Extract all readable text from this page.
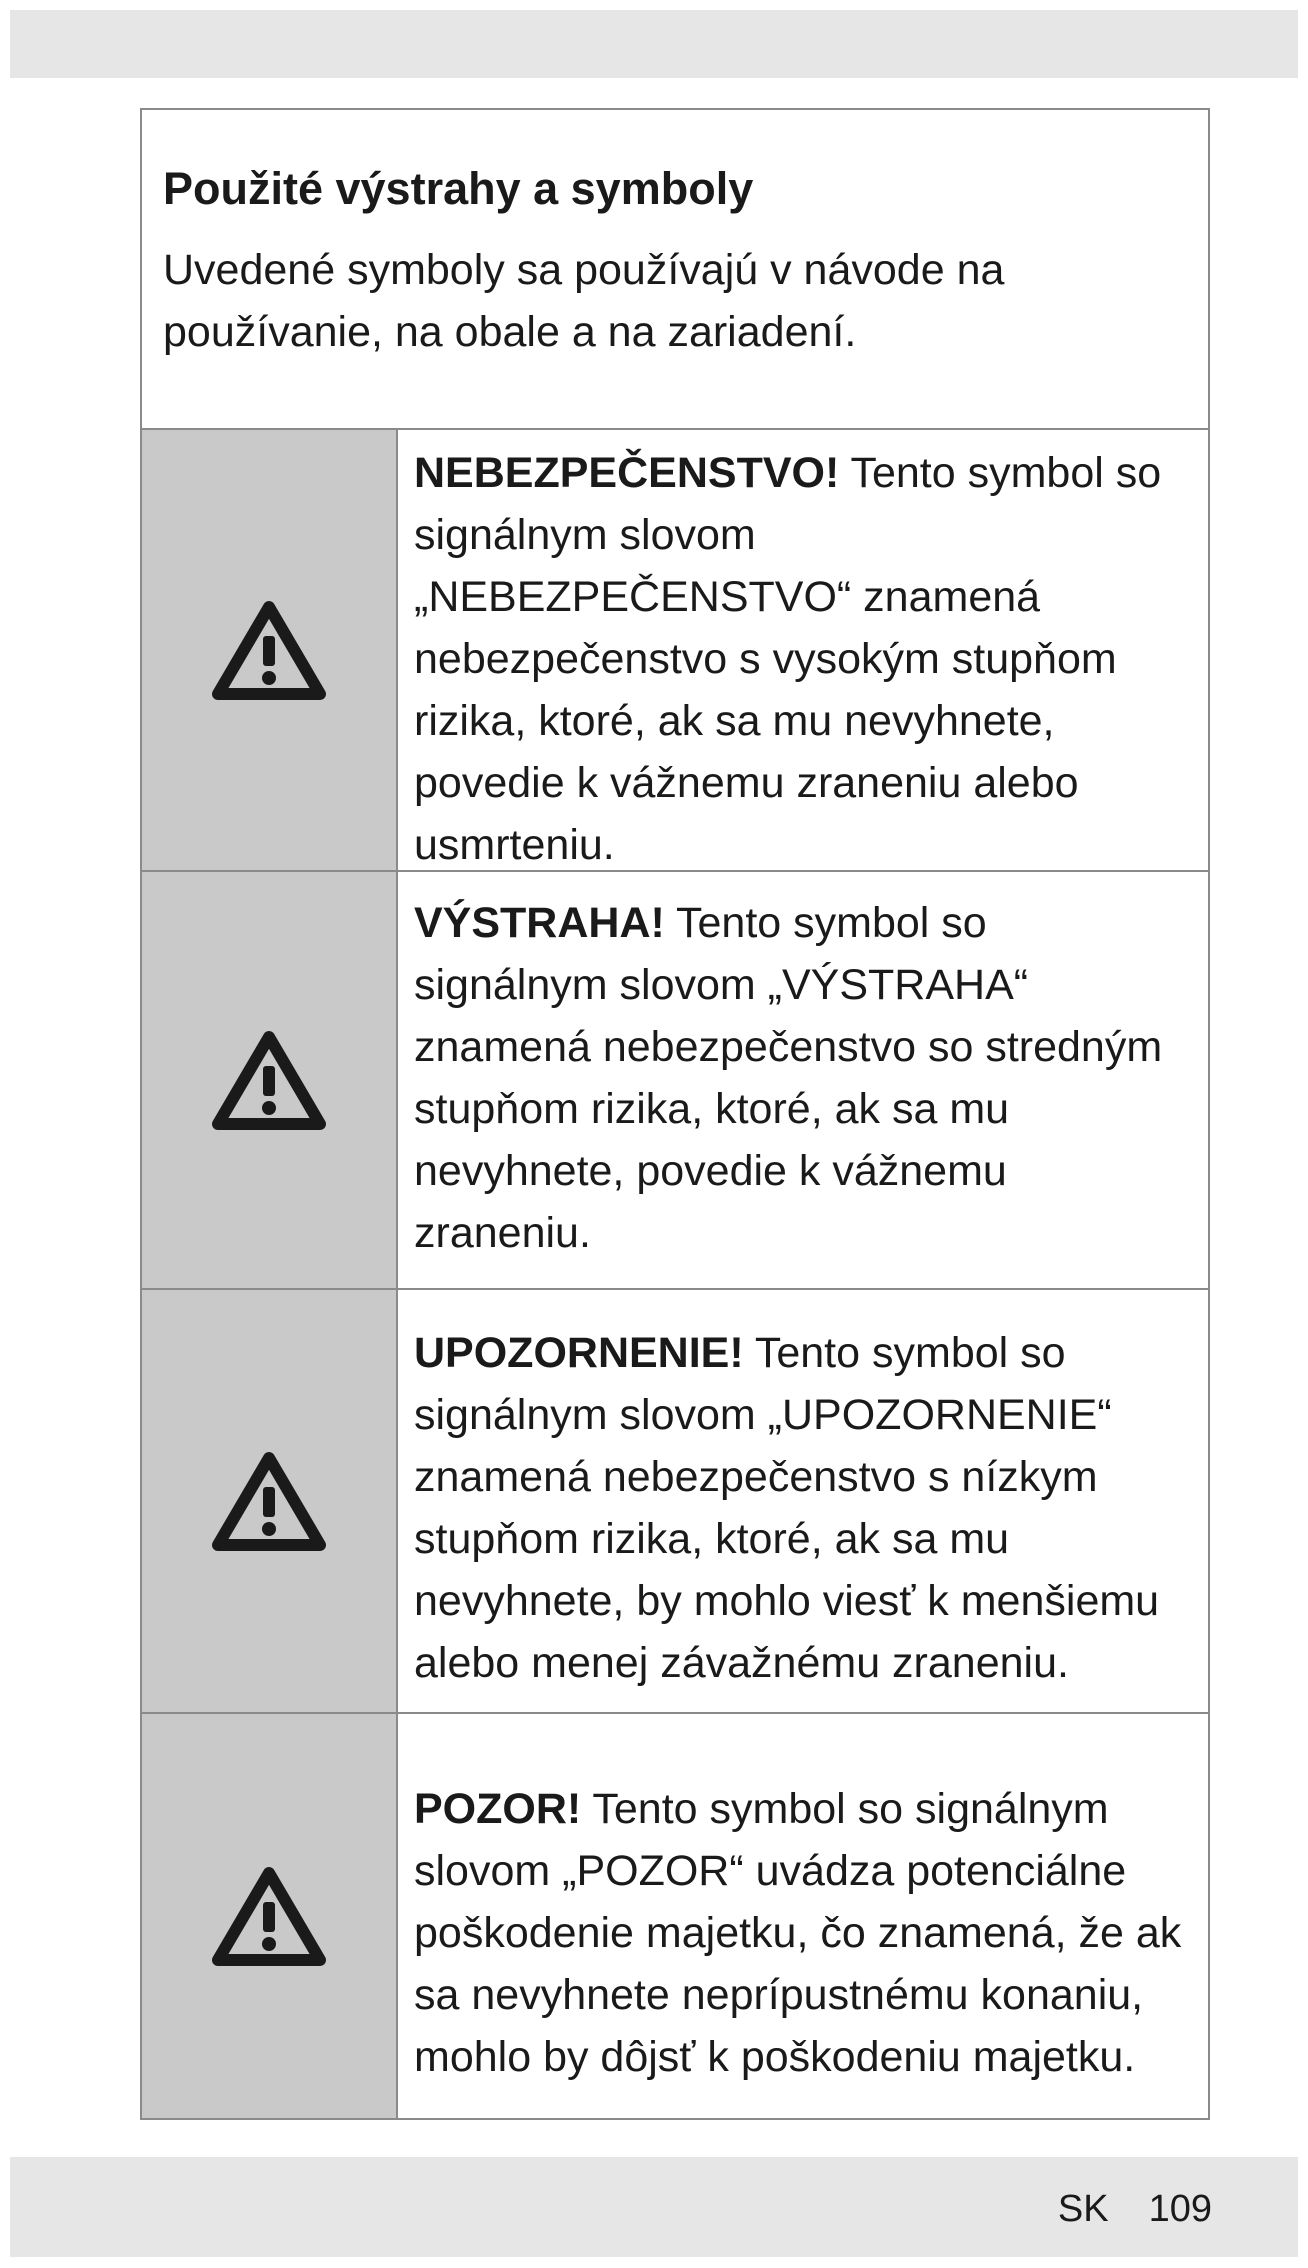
Použité výstrahy a symboly

Uvedené symboly sa používajú v návode na používanie, na obale a na zariadení.

NEBEZPEČENSTVO! Tento symbol so signálnym slovom „NEBEZPEČENSTVO“ znamená nebezpečenstvo s vysokým stupňom rizika, ktoré, ak sa mu nevyhnete, povedie k vážnemu zraneniu alebo usmrteniu.
VÝSTRAHA! Tento symbol so signálnym slovom „VÝSTRAHA“ znamená nebezpečenstvo so stredným stupňom rizika, ktoré, ak sa mu nevyhnete, povedie k vážnemu zraneniu.
UPOZORNENIE! Tento symbol so signálnym slovom „UPOZORNENIE“ znamená nebezpečenstvo s nízkym stupňom rizika, ktoré, ak sa mu nevyhnete, by mohlo viesť k menšiemu alebo menej závažnému zraneniu.
POZOR! Tento symbol so signálnym slovom „POZOR“ uvádza potenciálne poškodenie majetku, čo znamená, že ak sa nevyhnete neprípustnému konaniu, mohlo by dôjsť k poškodeniu majetku.
SK 109
